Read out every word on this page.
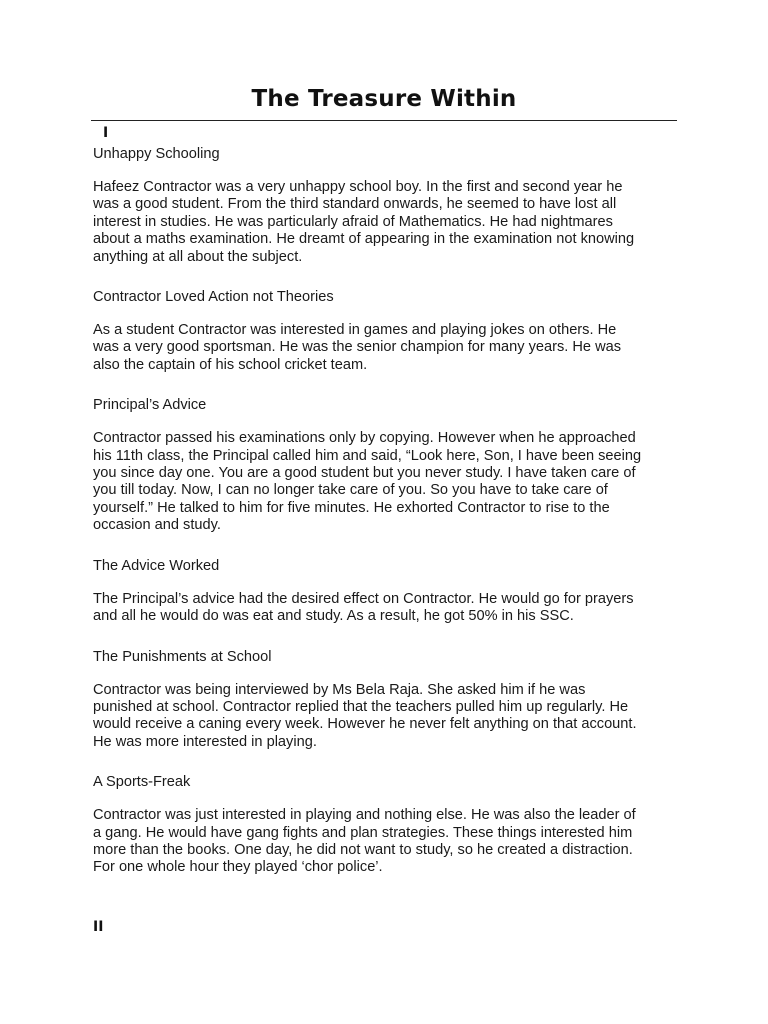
The Treasure Within
I
Unhappy Schooling

Hafeez Contractor was a very unhappy school boy. In the first and second year he
was a good student. From the third standard onwards, he seemed to have lost all
interest in studies. He was particularly afraid of Mathematics. He had nightmares
about a maths examination. He dreamt of appearing in the examination not knowing
anything at all about the subject.

Contractor Loved Action not Theories

As a student Contractor was interested in games and playing jokes on others. He
was a very good sportsman. He was the senior champion for many years. He was
also the captain of his school cricket team.

Principal’s Advice

Contractor passed his examinations only by copying. However when he approached
his 11th class, the Principal called him and said, “Look here, Son, I have been seeing
you since day one. You are a good student but you never study. I have taken care of
you till today. Now, I can no longer take care of you. So you have to take care of
yourself.” He talked to him for five minutes. He exhorted Contractor to rise to the
occasion and study.

The Advice Worked

The Principal’s advice had the desired effect on Contractor. He would go for prayers
and all he would do was eat and study. As a result, he got 50% in his SSC.

The Punishments at School

Contractor was being interviewed by Ms Bela Raja. She asked him if he was
punished at school. Contractor replied that the teachers pulled him up regularly. He
would receive a caning every week. However he never felt anything on that account.
He was more interested in playing.

A Sports-Freak

Contractor was just interested in playing and nothing else. He was also the leader of
a gang. He would have gang fights and plan strategies. These things interested him
more than the books. One day, he did not want to study, so he created a distraction.
For one whole hour they played ‘chor police’.

II
